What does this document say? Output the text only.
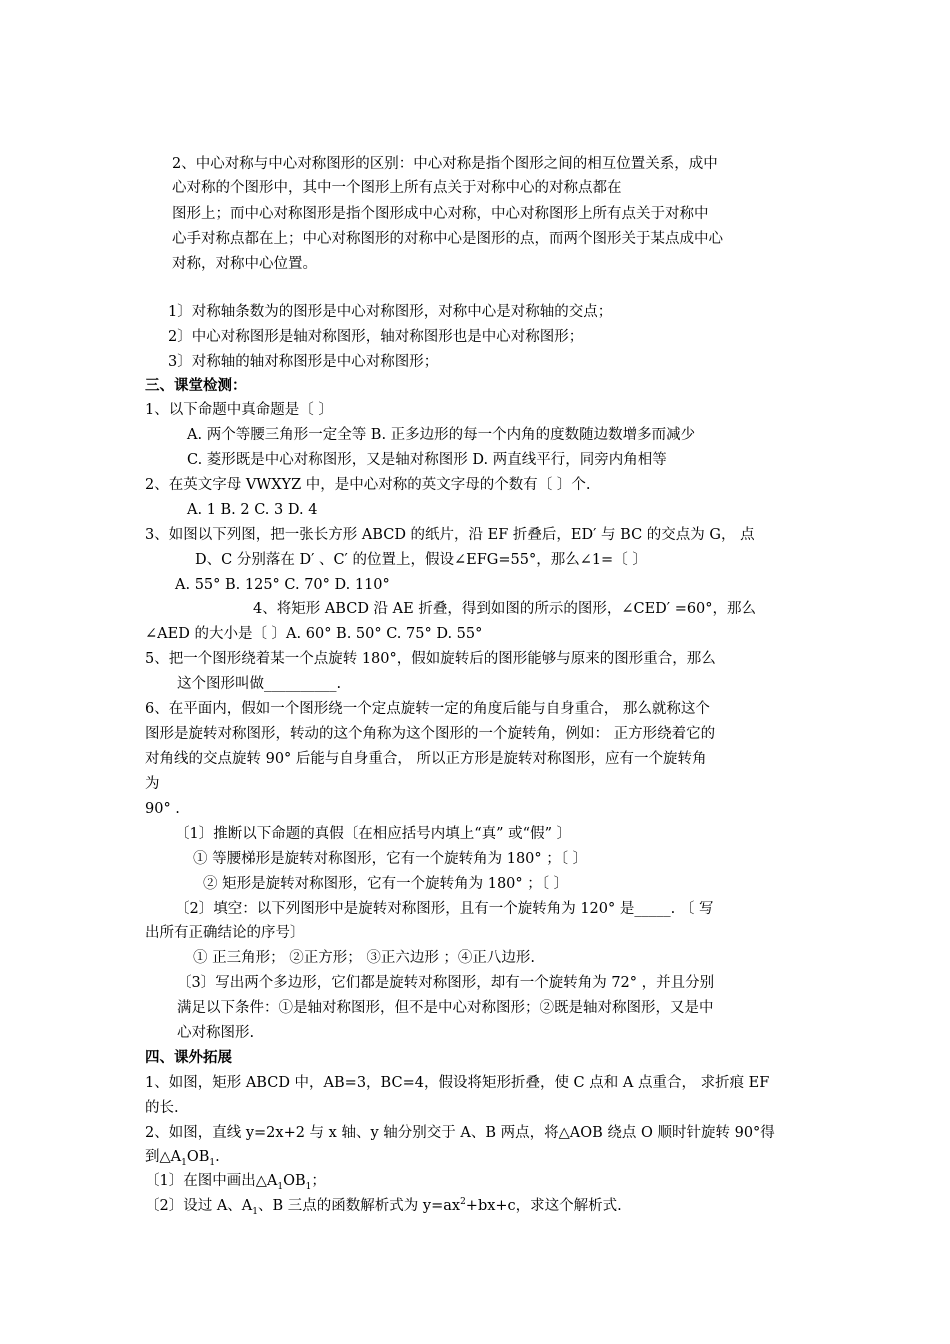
2、中心对称与中心对称图形的区别：中心对称是指个图形之间的相互位置关系，成中
心对称的个图形中，其中一个图形上所有点关于对称中心的对称点都在
图形上；而中心对称图形是指个图形成中心对称，中心对称图形上所有点关于对称中
心手对称点都在上；中心对称图形的对称中心是图形的点，而两个图形关于某点成中心
对称，对称中心位置。
1〕对称轴条数为的图形是中心对称图形，对称中心是对称轴的交点；
2〕中心对称图形是轴对称图形，轴对称图形也是中心对称图形；
3〕对称轴的轴对称图形是中心对称图形；
三、课堂检测：
1、以下命题中真命题是〔 〕
A. 两个等腰三角形一定全等 B. 正多边形的每一个内角的度数随边数增多而减少
C. 菱形既是中心对称图形，又是轴对称图形 D. 两直线平行，同旁内角相等
2、在英文字母 VWXYZ 中，是中心对称的英文字母的个数有〔 〕个.
A. 1 B. 2 C. 3 D. 4
3、如图以下列图，把一张长方形 ABCD 的纸片，沿 EF 折叠后，ED′ 与 BC 的交点为 G， 点
D、C 分别落在 D′ 、C′ 的位置上，假设∠EFG=55°，那么∠1=〔 〕
A. 55° B. 125° C. 70° D. 110°
4、将矩形 ABCD 沿 AE 折叠，得到如图的所示的图形，∠CED′ =60°，那么
∠AED 的大小是〔 〕A. 60° B. 50° C. 75° D. 55°
5、把一个图形绕着某一个点旋转 180°，假如旋转后的图形能够与原来的图形重合，那么
这个图形叫做__________.
6、在平面内，假如一个图形绕一个定点旋转一定的角度后能与自身重合， 那么就称这个
图形是旋转对称图形，转动的这个角称为这个图形的一个旋转角，例如： 正方形绕着它的
对角线的交点旋转 90° 后能与自身重合， 所以正方形是旋转对称图形，应有一个旋转角
为
90° .
〔1〕推断以下命题的真假〔在相应括号内填上“真” 或“假” 〕
① 等腰梯形是旋转对称图形，它有一个旋转角为 180° ；〔 〕
② 矩形是旋转对称图形，它有一个旋转角为 180° ；〔 〕
〔2〕填空：以下列图形中是旋转对称图形，且有一个旋转角为 120° 是_____. 〔 写
出所有正确结论的序号〕
① 正三角形； ②正方形； ③正六边形 ；④正八边形.
〔3〕写出两个多边形，它们都是旋转对称图形，却有一个旋转角为 72° ，并且分别
满足以下条件：①是轴对称图形，但不是中心对称图形；②既是轴对称图形，又是中
心对称图形.
四、课外拓展
1、如图，矩形 ABCD 中，AB=3，BC=4，假设将矩形折叠，使 C 点和 A 点重合， 求折痕 EF
的长.
2、如图，直线 y=2x+2 与 x 轴、y 轴分别交于 A、B 两点，将△AOB 绕点 O 顺时针旋转 90°得
到$\triangle A_1OB_1$.
〔1〕在图中画出$\triangle A_1OB_1$；
〔2〕设过 A、$A_1$、B 三点的函数解析式为 $y=ax^2+bx+c$，求这个解析式.
